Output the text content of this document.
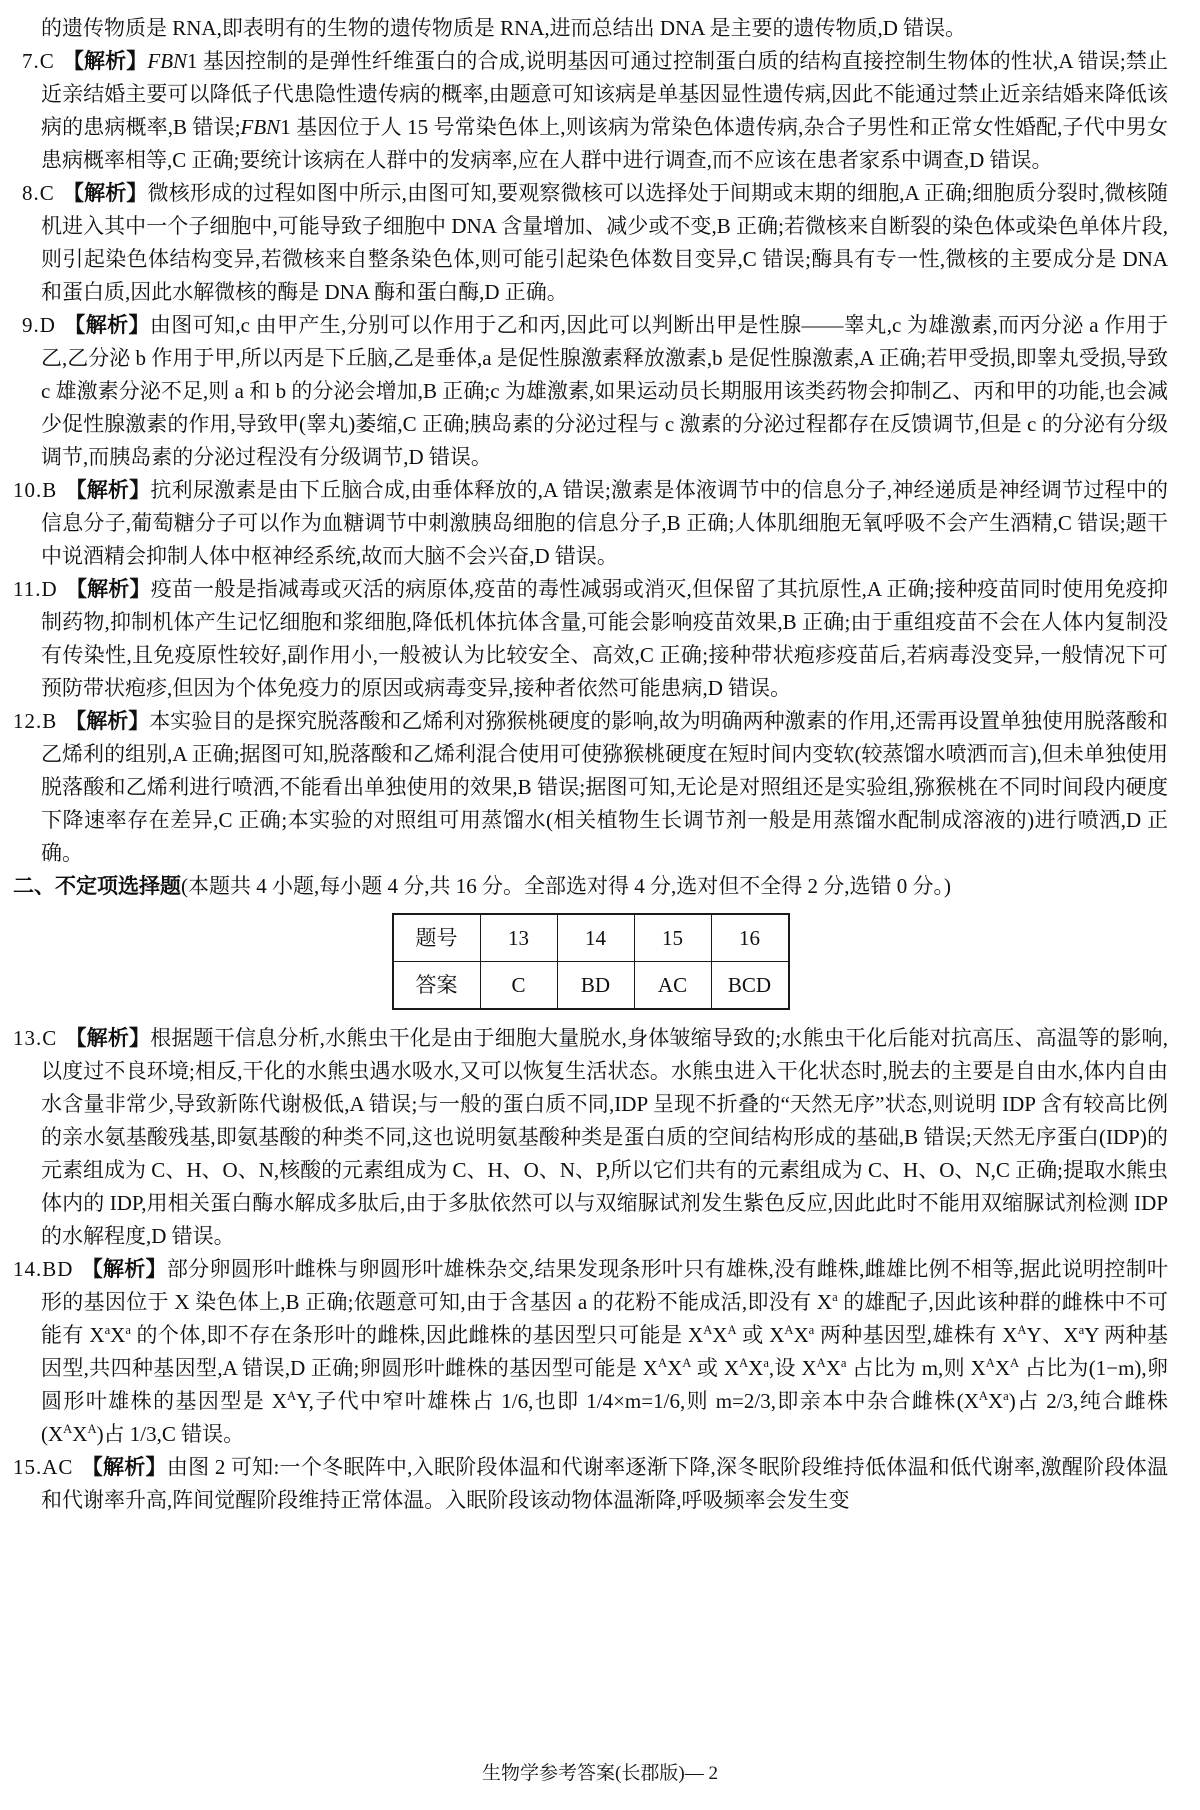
的遗传物质是 RNA,即表明有的生物的遗传物质是 RNA,进而总结出 DNA 是主要的遗传物质,D 错误。

7.C 【解析】FBN1 基因控制的是弹性纤维蛋白的合成,说明基因可通过控制蛋白质的结构直接控制生物体的性状,A 错误;禁止近亲结婚主要可以降低子代患隐性遗传病的概率,由题意可知该病是单基因显性遗传病,因此不能通过禁止近亲结婚来降低该病的患病概率,B 错误;FBN1 基因位于人 15 号常染色体上,则该病为常染色体遗传病,杂合子男性和正常女性婚配,子代中男女患病概率相等,C 正确;要统计该病在人群中的发病率,应在人群中进行调查,而不应该在患者家系中调查,D 错误。

8.C 【解析】微核形成的过程如图中所示,由图可知,要观察微核可以选择处于间期或末期的细胞,A 正确;细胞质分裂时,微核随机进入其中一个子细胞中,可能导致子细胞中 DNA 含量增加、减少或不变,B 正确;若微核来自断裂的染色体或染色单体片段,则引起染色体结构变异,若微核来自整条染色体,则可能引起染色体数目变异,C 错误;酶具有专一性,微核的主要成分是 DNA 和蛋白质,因此水解微核的酶是 DNA 酶和蛋白酶,D 正确。

9.D 【解析】由图可知,c 由甲产生,分别可以作用于乙和丙,因此可以判断出甲是性腺——睾丸,c 为雄激素,而丙分泌 a 作用于乙,乙分泌 b 作用于甲,所以丙是下丘脑,乙是垂体,a 是促性腺激素释放激素,b 是促性腺激素,A 正确;若甲受损,即睾丸受损,导致 c 雄激素分泌不足,则 a 和 b 的分泌会增加,B 正确;c 为雄激素,如果运动员长期服用该类药物会抑制乙、丙和甲的功能,也会减少促性腺激素的作用,导致甲(睾丸)萎缩,C 正确;胰岛素的分泌过程与 c 激素的分泌过程都存在反馈调节,但是 c 的分泌有分级调节,而胰岛素的分泌过程没有分级调节,D 错误。

10.B 【解析】抗利尿激素是由下丘脑合成,由垂体释放的,A 错误;激素是体液调节中的信息分子,神经递质是神经调节过程中的信息分子,葡萄糖分子可以作为血糖调节中刺激胰岛细胞的信息分子,B 正确;人体肌细胞无氧呼吸不会产生酒精,C 错误;题干中说酒精会抑制人体中枢神经系统,故而大脑不会兴奋,D 错误。

11.D 【解析】疫苗一般是指减毒或灭活的病原体,疫苗的毒性减弱或消灭,但保留了其抗原性,A 正确;接种疫苗同时使用免疫抑制药物,抑制机体产生记忆细胞和浆细胞,降低机体抗体含量,可能会影响疫苗效果,B 正确;由于重组疫苗不会在人体内复制没有传染性,且免疫原性较好,副作用小,一般被认为比较安全、高效,C 正确;接种带状疱疹疫苗后,若病毒没变异,一般情况下可预防带状疱疹,但因为个体免疫力的原因或病毒变异,接种者依然可能患病,D 错误。

12.B 【解析】本实验目的是探究脱落酸和乙烯利对猕猴桃硬度的影响,故为明确两种激素的作用,还需再设置单独使用脱落酸和乙烯利的组别,A 正确;据图可知,脱落酸和乙烯利混合使用可使猕猴桃硬度在短时间内变软(较蒸馏水喷洒而言),但未单独使用脱落酸和乙烯利进行喷洒,不能看出单独使用的效果,B 错误;据图可知,无论是对照组还是实验组,猕猴桃在不同时间段内硬度下降速率存在差异,C 正确;本实验的对照组可用蒸馏水(相关植物生长调节剂一般是用蒸馏水配制成溶液的)进行喷洒,D 正确。

二、不定项选择题(本题共 4 小题,每小题 4 分,共 16 分。全部选对得 4 分,选对但不全得 2 分,选错 0 分。)

题号	13	14	15	16
答案	C	BD	AC	BCD

13.C 【解析】根据题干信息分析,水熊虫干化是由于细胞大量脱水,身体皱缩导致的;水熊虫干化后能对抗高压、高温等的影响,以度过不良环境;相反,干化的水熊虫遇水吸水,又可以恢复生活状态。水熊虫进入干化状态时,脱去的主要是自由水,体内自由水含量非常少,导致新陈代谢极低,A 错误;与一般的蛋白质不同,IDP 呈现不折叠的“天然无序”状态,则说明 IDP 含有较高比例的亲水氨基酸残基,即氨基酸的种类不同,这也说明氨基酸种类是蛋白质的空间结构形成的基础,B 错误;天然无序蛋白(IDP)的元素组成为 C、H、O、N,核酸的元素组成为 C、H、O、N、P,所以它们共有的元素组成为 C、H、O、N,C 正确;提取水熊虫体内的 IDP,用相关蛋白酶水解成多肽后,由于多肽依然可以与双缩脲试剂发生紫色反应,因此此时不能用双缩脲试剂检测 IDP 的水解程度,D 错误。

14.BD 【解析】部分卵圆形叶雌株与卵圆形叶雄株杂交,结果发现条形叶只有雄株,没有雌株,雌雄比例不相等,据此说明控制叶形的基因位于 X 染色体上,B 正确;依题意可知,由于含基因 a 的花粉不能成活,即没有 $X^a$ 的雄配子,因此该种群的雌株中不可能有 $X^aX^a$ 的个体,即不存在条形叶的雌株,因此雌株的基因型只可能是 $X^AX^A$ 或 $X^AX^a$ 两种基因型,雄株有 $X^AY$、$X^aY$ 两种基因型,共四种基因型,A 错误,D 正确;卵圆形叶雌株的基因型可能是 $X^AX^A$ 或 $X^AX^a$,设 $X^AX^a$ 占比为 m,则 $X^AX^A$ 占比为(1−m),卵圆形叶雄株的基因型是 $X^AY$,子代中窄叶雄株占 1/6,也即 1/4×m=1/6,则 m=2/3,即亲本中杂合雌株$(X^AX^a)$占 2/3,纯合雌株$(X^AX^A)$占 1/3,C 错误。

15.AC 【解析】由图 2 可知:一个冬眠阵中,入眠阶段体温和代谢率逐渐下降,深冬眠阶段维持低体温和低代谢率,激醒阶段体温和代谢率升高,阵间觉醒阶段维持正常体温。入眠阶段该动物体温渐降,呼吸频率会发生变

生物学参考答案(长郡版)— 2
